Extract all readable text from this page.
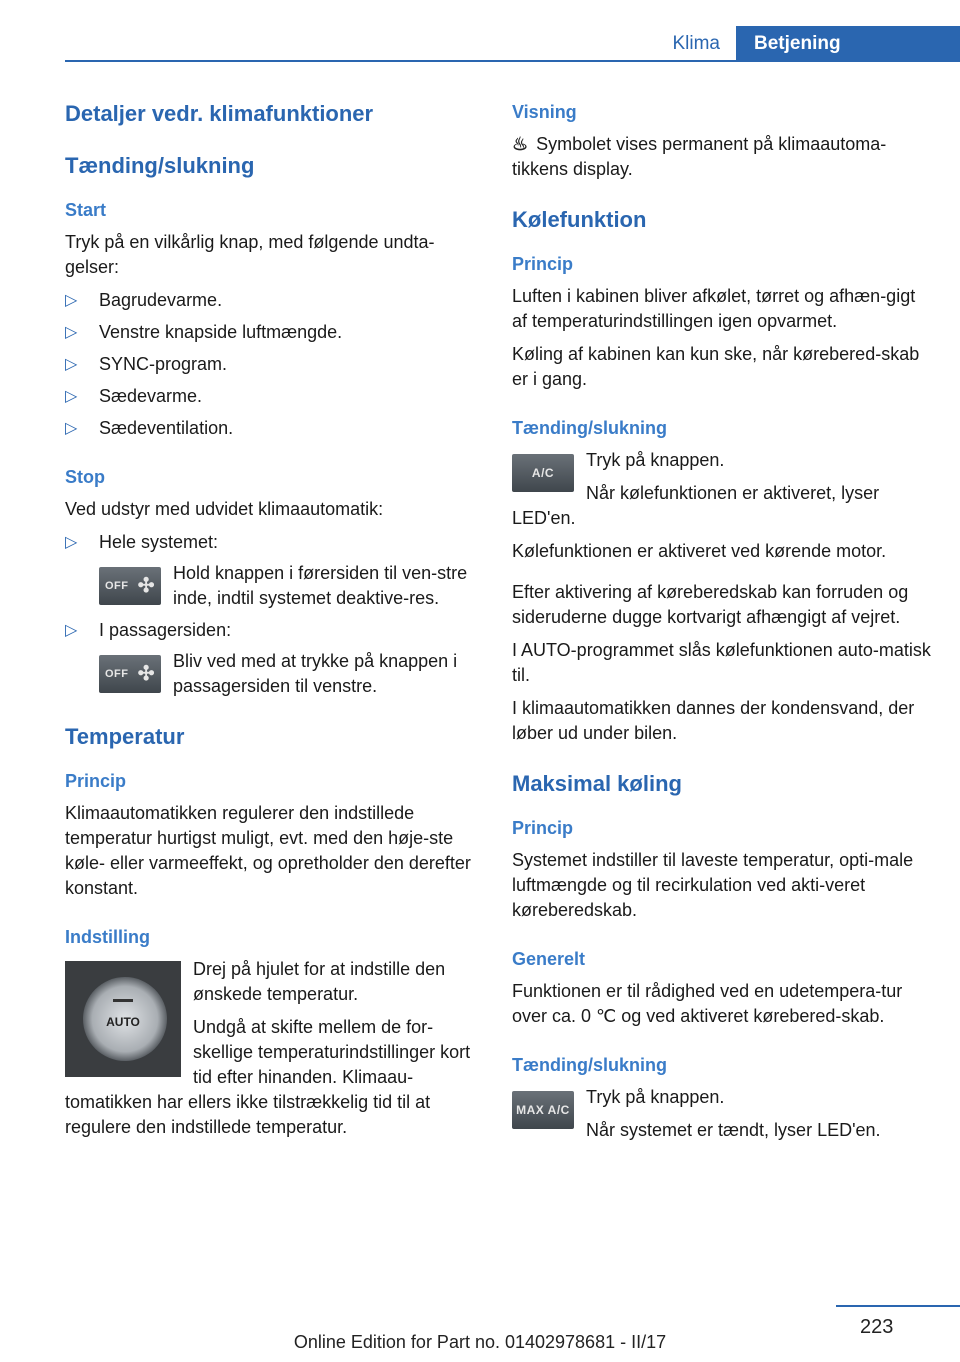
Klima	Betjening
Detaljer vedr. klimafunktioner
Tænding/slukning
Start

Tryk på en vilkårlig knap, med følgende undta-gelser:

▷ Bagrudevarme.
▷ Venstre knapside luftmængde.
▷ SYNC-program.
▷ Sædevarme.
▷ Sædeventilation.
Stop

Ved udstyr med udvidet klimaautomatik:

▷ Hele systemet:
OFF ✣
Hold knappen i førersiden til ven-stre inde, indtil systemet deaktive-res.
▷ I passagersiden:
OFF ✣
Bliv ved med at trykke på knappen i passagersiden til venstre.
Temperatur
Princip

Klimaautomatikken regulerer den indstillede temperatur hurtigst muligt, evt. med den høje-ste køle- eller varmeeffekt, og opretholder den derefter konstant.

Indstilling
AUTO

Drej på hjulet for at indstille den ønskede temperatur.

Undgå at skifte mellem de for-skellige temperaturindstillinger kort tid efter hinanden. Klimaau-tomatikken har ellers ikke tilstrækkelig tid til at regulere den indstillede temperatur.

Visning

♨ Symbolet vises permanent på klimaautoma-tikkens display.

Kølefunktion
Princip

Luften i kabinen bliver afkølet, tørret og afhæn-gigt af temperaturindstillingen igen opvarmet.

Køling af kabinen kan kun ske, når kørebered-skab er i gang.

Tænding/slukning
A/C

Tryk på knappen.

Når kølefunktionen er aktiveret, lyser LED'en.

Kølefunktionen er aktiveret ved kørende motor.

Efter aktivering af kørеberedskab kan forruden og sideruderne dugge kortvarigt afhængigt af vejret.

I AUTO-programmet slås kølefunktionen auto-matisk til.

I klimaautomatikken dannes der kondensvand, der løber ud under bilen.

Maksimal køling
Princip

Systemet indstiller til laveste temperatur, opti-male luftmængde og til recirkulation ved akti-veret køreberedskab.

Generelt

Funktionen er til rådighed ved en udetempera-tur over ca. 0 ℃ og ved aktiveret kørebered-skab.

Tænding/slukning
MAX A/C

Tryk på knappen.

Når systemet er tændt, lyser LED'en.

223
Online Edition for Part no. 01402978681 - II/17
